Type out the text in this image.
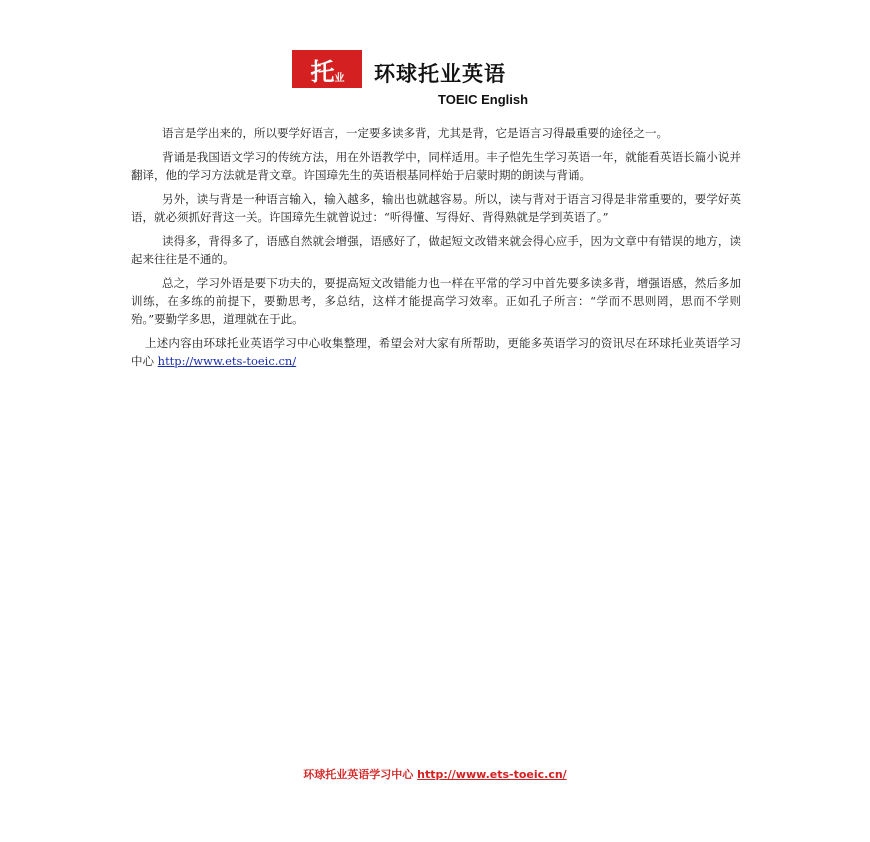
托 业 环球托业英语
TOEIC English

语言是学出来的，所以要学好语言，一定要多读多背，尤其是背，它是语言习得最重要的途径之一。

背诵是我国语文学习的传统方法，用在外语教学中，同样适用。丰子恺先生学习英语一年，就能看英语长篇小说并翻译，他的学习方法就是背文章。许国璋先生的英语根基同样始于启蒙时期的朗读与背诵。

另外，读与背是一种语言输入，输入越多，输出也就越容易。所以，读与背对于语言习得是非常重要的，要学好英语，就必须抓好背这一关。许国璋先生就曾说过：“听得懂、写得好、背得熟就是学到英语了。”

读得多，背得多了，语感自然就会增强，语感好了，做起短文改错来就会得心应手，因为文章中有错误的地方，读起来往往是不通的。

总之，学习外语是要下功夫的，要提高短文改错能力也一样在平常的学习中首先要多读多背，增强语感，然后多加训练，在多练的前提下，要勤思考，多总结，这样才能提高学习效率。正如孔子所言：“学而不思则罔，思而不学则殆。”要勤学多思，道理就在于此。

上述内容由环球托业英语学习中心收集整理，希望会对大家有所帮助，更能多英语学习的资讯尽在环球托业英语学习中心 http://www.ets-toeic.cn/

环球托业英语学习中心 http://www.ets-toeic.cn/
